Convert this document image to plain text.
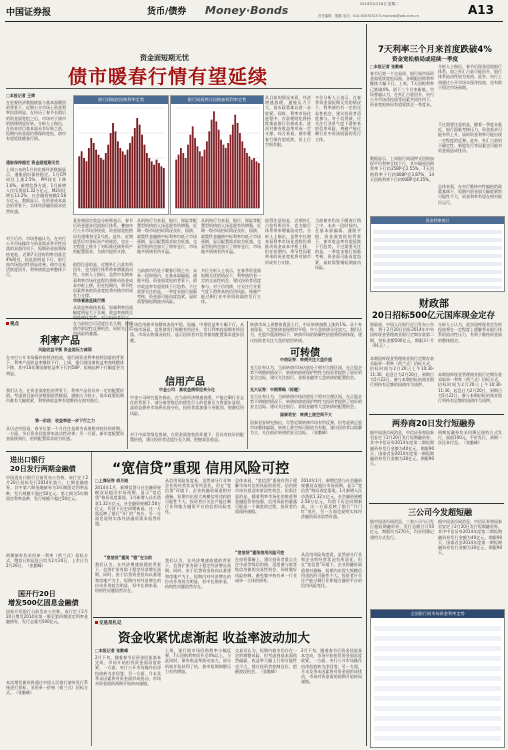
中国证券报	货币/债券 Money·Bonds	2014年2月18日 星期二
责任编辑：殷鹏 电话：010-63070315 E-mail:zbs@zzb.com.cn	A13
资金面短期无忧
债市暖春行情有望延续
□本报记者 王辉
在宏观经济数据疲软与基本面暖回的背景下，近期公开市场上资金利率回落明显。在经历了春节长假后的资金面宽松之后，市场对于债市的情绪明显好转。分析人士指出，在资本项目基本面未有好转之前，短期内资金面仍将保持宽松，债市有望延续暖春行情。
通胀保持稳定 资金面短期无忧
上周公布的1月份宏观经济数据显示，通胀依旧保持稳定。1月CPI同比上涨2.5%，PPI同比下降1.6%。新增信贷方面，1月新增人民币贷款1.32万亿元，M2同比增长13.2%，社会融资规模2.58万亿元。数据显示，在资金成本高企的背景下，实体经济融资需求依然旺盛。
对于后市，市场普遍认为，在央行公开市场操作与资金需求季节性回落的双重作用下，短期资金面将保持宽松。近期7天回购利率回落至4%附近，较此前明显下行，银行间市场流动性明显改善。债市交易活跃度回升，利率债收益率整体下行。
银行间隔夜回购利率走势	银行间质押式回购加权利率走势
某券商固定收益分析师表示，春节后资金逐步回流银行体系，叠加央行公开市场净投放，资金面宽松格局有望维持至2月底。此外，近期监管层对非标资产的规范，也在一定程度上推升了对标准化债券资产的配置需求，为债市提供支撑。
值得注意的是，近期外汇占款有所回升，也为银行体系带来增量流动性。分析人士指出，虽然中长期来看利率市场化进程仍将推动资金成本中枢上移，但在短期内，季节性因素带来的资金宽松将对债市形成有力支撑。
市场看涨延续行情
从收益率曲线来看，短端利率回落幅度明显大于长端，收益率曲线呈现陡峭化趋势。对于投资者而言，在当前时点可适度拉长久期，把握债市阶段性反弹机会，同时关注信用风险的暴露。
从机构行为来看，银行、保险等配置型机构的入场意愿有所增强，近期一级市场招标情况良好，国债、政策性金融债中标利率均低于市场预期，显示配置需求较为旺盛。交易型机构也加大了债券仓位，市场做多情绪有所升温。
当前债市仍处于暖春行情之中，未来一段时间内，在基本面偏弱、通胀平稳、资金面宽松的背景下，债市收益率有望延续下行趋势。不过需要关注的是，一季度末银行面临考核，资金面可能再度趋紧，届时需警惕短期波动风险。
从机构行为来看，银行、保险等配置型机构的入场意愿有所增强，近期一级市场招标情况良好，国债、政策性金融债中标利率均低于市场预期，显示配置需求较为旺盛。交易型机构也加大了债券仓位，市场做多情绪有所升温。
从目前的情况来看，经济增速放缓、通胀压力不大，货币政策难以进一步收紧。同时，利率市场化进程中，存款理财化将持续推高银行负债成本，进而对债券收益率形成一定支撑。综合来看，债市暖春行情有望延续，但上行空间有限。
多位分析人士表示，在春季资金面短期无忧的情况下，利率债仍有一定的交易性机会，建议投资者适度参与。对于信用债，应关注行业景气度下滑带来的信用风险，规避产能过剩行业中资质较弱的发行主体。
多位分析人士表示，在春季资金面短期无忧的情况下，利率债仍有一定的交易性机会，建议投资者适度参与。对于信用债，应关注行业景气度下滑带来的信用风险，规避产能过剩行业中资质较弱的发行主体。
值得注意的是，近期外汇占款有所回升，也为银行体系带来增量流动性。分析人士指出，虽然中长期来看利率市场化进程仍将推动资金成本中枢上移，但在短期内，季节性因素带来的资金宽松将对债市形成有力支撑。
当前债市仍处于暖春行情之中，未来一段时间内，在基本面偏弱、通胀平稳、资金面宽松的背景下，债市收益率有望延续下行趋势。不过需要关注的是，一季度末银行面临考核，资金面可能再度趋紧，届时需警惕短期波动风险。
视点
利率产品
风险收益平衡 资金面压力减弱
在央行公开市场操作持续净投放，银行间资金利率持续回落的背景下，利率产品收益率继续下行。上周，银行间国债收益率曲线整体下移，其中10年期国债收益率下行约5BP，短端品种下行幅度更为明显。
我们认为，在资金面宽松的背景下，利率产品仍具有一定的配置价值。考虑到目前经济数据依然疲弱，通胀压力较小，货币政策短期内难有大幅收紧，利率债收益率有望维持在相对低位。
第一阶段：收益率进一步下行之力
从历史经验看，春节后第一个月往往是债市表现相对较好的时期。一方面，节后资金回流带来流动性改善；另一方面，新年度配置资金陆续到位，机构配置需求较为旺盛。
上周信用债市场整体表现平稳，短融、中票收益率小幅下行。从一级市场看，信用债发行规模有所回升，发行利率较前期有所回落，市场认购情况较好，显示投资者对信用债的配置需求逐步回暖。
信用产品
中金公司：高收益债将迎来分化
中金公司研究报告指出，在当前经济增速放缓、产能过剩行业去化的背景下，部分低等级信用债发行人的偿债压力将逐步显现，高收益债券市场将出现分化，投资者需加强个券甄别，规避信用风险。
对于中高等级信用债，在资金面宽松的环境下，仍具有较好的配置价值，建议投资者适度拉长久期，把握票息收益。
转债市场上周整体震荡上行，中证转债指数上涨约1%。从个券表现看，大盘转债表现相对平稳，中小盘转债分化较大。我们认为，在股市震荡格局下，转债市场的防御性价值将得到体现，建议投资者关注大盘价值型转债。
可转债
中信证券：转债关注大盘价值
光大证券认为，当前转债市场估值处于相对合理区间，在正股走势不明朗的情况下，转债的债底保护特性为投资者提供了较好的安全边际。建议关注银行、非银金融等大盘转债的配置机会。
光大证券：中期策略（标题）
光大证券认为，当前转债市场估值处于相对合理区间，在正股走势不明朗的情况下，转债的债底保护特性为投资者提供了较好的安全边际。建议关注银行、非银金融等大盘转债的配置机会。
国泰君安：转债上涨空间不大
国泰君安研究指出，尽管近期转债市场有所反弹，但考虑到正股市场整体偏弱，转债上涨空间可能较为有限，建议投资者以防御为主，关注低价转债的安全边际。（张勤峰）
进出口银行
20日发行两期金融债
中国进出口银行日前发布公告称，该行定于2月20日招标发行2014年第六、七期金融债券。其中第六期金融债券为3年期固定利率品种，发行规模不超过50亿元；第七期为5年期固定利率品种，发行规模不超过50亿元。
两期债券均采用单一利率（荷兰式）招标方式，缴款日和起息日均为2月24日，上市日为2月26日。（张勤峰）
国开行20日
增发500亿固息金融债
国家开发银行日前发布公告称，该行定于2月20日增发2014年第一期至第四期固定利率金融债券，发行总量为500亿元。
本次增发债券将通过中国人民银行债券发行系统进行招标，采用单一价格（荷兰式）招标方式。（张勤峰）
“宽信贷”重现 信用风险可控
□上海证券 胡月晓
2014年1月，新增信贷与社会融资规模双双超出市场预期，显示“宽信贷”格局再度重现。1月新增人民币贷款1.32万亿元，社会融资规模2.58万亿元，均创下历史同期新高。这一方面反映了银行“开门红”效应，另一方面也说明实体经济融资需求依然旺盛。
“宽信贷”重现 “稳”在当前
我们认为，在经济增速放缓的背景下，信贷扩张有助于稳定经济增长预期。同时，由于信贷资金投向以基建和房地产为主，短期内对经济增长的拉动作用较为明显，但中长期来看，结构性问题依然存在。
从信用风险角度看，虽然部分行业和企业的经营状况有所恶化，但在“宽信贷”环境下，企业的融资渠道相对通畅，短期内出现大规模信用违约的可能性不大。投资者应关注产能过剩行业和地方融资平台的信用风险变化。
我们认为，在经济增速放缓的背景下，信贷扩张有助于稳定经济增长预期。同时，由于信贷资金投向以基建和房地产为主，短期内对经济增长的拉动作用较为明显，但中长期来看，结构性问题依然存在。
总体来看，“宽信贷”重现有利于缓解市场对信用风险的担忧，信用债市场有望迎来阶段性机会。但需注意的是，随着利率市场化的推进和金融监管的加强，信用风险的暴露可能是一个渐进的过程，投资者仍需保持谨慎。
“宽信贷”重现信用风险可控
在投资策略上，建议投资者重点关注中高等级信用债，适度参与低等级信用债的交易性机会，同时做好风险控制，避免集中持有单一行业或单一主体的债券。
2014年1月，新增信贷与社会融资规模双双超出市场预期，显示“宽信贷”格局再度重现。1月新增人民币贷款1.32万亿元，社会融资规模2.58万亿元，均创下历史同期新高。这一方面反映了银行“开门红”效应，另一方面也说明实体经济融资需求依然旺盛。
从信用风险角度看，虽然部分行业和企业的经营状况有所恶化，但在“宽信贷”环境下，企业的融资渠道相对通畅，短期内出现大规模信用违约的可能性不大。投资者应关注产能过剩行业和地方融资平台的信用风险变化。
交易员札记
资金收紧忧虑渐起 收益率波动加大
□本报记者 张勤峰
2月下旬，随着春节后资金回流基本完成，市场开始担忧资金面再度收紧。一方面，央行公开市场操作由净投放转为净回笼；另一方面，月末及季末因素将对资金面形成扰动，市场对资金面的预期开始转向谨慎。
上周，银行间市场回购利率小幅反弹，7天回购利率回升至4%以上。与此同时，债券收益率波动加大，部分机构开始获利了结，债市短期调整压力有所增加。
交易员认为，短期内债市仍存在一定的调整风险，但考虑到基本面依然偏弱，收益率大幅上行的可能性也不大，建议投资者控制仓位，把握波段机会。（张勤峰）
2月下旬，随着春节后资金回流基本完成，市场开始担忧资金面再度收紧。一方面，央行公开市场操作由净投放转为净回笼；另一方面，月末及季末因素将对资金面形成扰动，市场对资金面的预期开始转向谨慎。
7天利率三个月来首度跌破4%
资金宽松格局或延续一季度
□本报记者 张勤峰
春节后第一个交易周，银行间市场资金面延续宽松局面，各期限回购利率继续大幅下行。上周，7天回购利率已跌破4%，创下三个月来新低。市场普遍认为，在外汇占款回升、央行公开市场净投放等因素共同作用下，资金宽松格局有望延续至一季度末。
数据显示，上周银行间质押式回购加权平均利率全线下行，其中隔夜回购利率下行约25BP至2.55%，7天回购利率下行约80BP至3.87%，14天回购利率下行约60BP至4.35%。
分析人士指出，春节后现金回流银行体系，加之外汇占款可能回升，银行体系流动性较为充裕。此外，央行上周通过公开市场实现净投放，也有助于稳定市场预期。
不过需要注意的是，随着一季度末临近，银行面临考核压力，资金需求可能有所上升，届时资金利率可能出现一定程度的反弹。此外，外汇占款的不确定性、新股发行等因素也可能对资金面造成扰动。
总体来看，在央行维持中性偏松的政策基调下，短期内资金面大幅收紧的可能性不大，资金利率有望在相对低位运行。
资金利率统计
财政部
20日招标500亿元国库现金定存
财政部、中国人民银行近日发布公告称，将于2月20日招标2014年中央国库现金管理商业银行定期存款第二期，招标金额500亿元，期限3个月（91天）。
本期国库现金管理商业银行定期存款采取单一利率（荷兰式）招标方式，招标时间为2月20日上午10:30-11:30，起息日为2月20日，到期日为5月22日。参与本期招标的商业银行须持有足额的国债作为质押。
分析人士认为，此次国库现金定存的投放将在一定程度上缓解季末银行体系的流动性压力，有利于维持资金面的整体稳定。
本期国库现金管理商业银行定期存款采取单一利率（荷兰式）招标方式，招标时间为2月20日上午10:30-11:30，起息日为2月20日，到期日为5月22日。参与本期招标的商业银行须持有足额的国债作为质押。
两券商20日发行短融券
据中国货币网消息，中信证券和国泰君安定于2月20日发行短期融资券。其中中信证券2014年度第二期短期融资券发行金额为40亿元，期限90天；国泰君安2014年度第一期短期融资券发行金额为30亿元，期限90天。
两期短融券均采用簿记建档方式发行，面值100元，平价发行，到期一次还本付息。（张勤峰）
三公司今发超短融
据中国货币网消息，三家公司今日发行超短期融资券，发行总额合计50亿元，期限均为270天，均采用簿记建档方式发行。
据中国货币网消息，中信证券和国泰君安定于2月20日发行短期融资券。其中中信证券2014年度第二期短期融资券发行金额为40亿元，期限90天；国泰君安2014年度第一期短期融资券发行金额为30亿元，期限90天。
全国银行间市场资金利率走势
